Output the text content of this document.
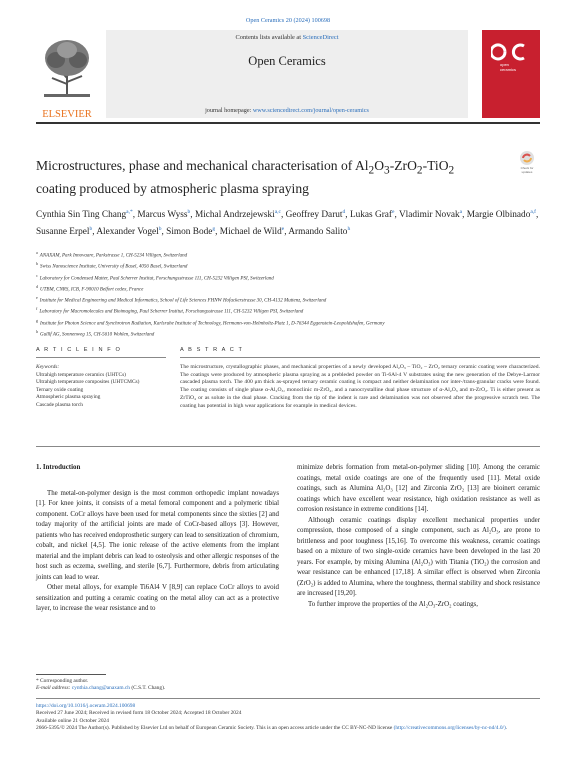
Open Ceramics 20 (2024) 100698
ELSEVIER
Contents lists available at ScienceDirect
Open Ceramics
journal homepage: www.sciencedirect.com/journal/open-ceramics
open
ceramics
Microstructures, phase and mechanical characterisation of $Al_2O_3-ZrO_2-TiO_2$ coating produced by atmospheric plasma spraying
Check for
updates
Cynthia Sin Ting Chang$^{a,*}$, Marcus Wyss$^b$, Michal Andrzejewski$^{a,c}$, Geoffrey Darut$^d$, Lukas Graf$^e$, Vladimir Novak$^a$, Margie Olbinado$^{a,f}$, Susanne Erpel$^b$, Alexander Vogel$^b$, Simon Bode$^g$, Michael de Wild$^e$, Armando Salito$^h$
$^a$ANAXAM, Park Innovaare, Parkstrasse 1, CH-5234 Villigen, Switzerland
$^b$Swiss Nanoscience Institute, University of Basel, 4056 Basel, Switzerland
$^c$Laboratory for Condensed Matter, Paul Scherrer Institut, Forschungsstrasse 111, CH-5232 Villigen PSI, Switzerland
$^d$UTBM, CNRS, ICB, F-90010 Belfort cedex, France
$^e$Institute for Medical Engineering and Medical Informatics, School of Life Sciences FHNW Hofackerstrasse 30, CH-4132 Muttenz, Switzerland
$^f$Laboratory for Macromolecules and Bioimaging, Paul Scherrer Institut, Forschungsstrasse 111, CH-5232 Villigen PSI, Switzerland
$^g$Institute for Photon Science and Synchrotron Radiation, Karlsruhe Institute of Technology, Hermann-von-Helmholtz-Platz 1, D-76344 Eggenstein-Leopoldshafen, Germany
$^h$Gulllf AG, Sonnenweg 15, CH-5610 Wohlen, Switzerland
A R T I C L E I N F O	A B S T R A C T
Keywords:
Ultrahigh temperature ceramics (UHTCs)
Ultrahigh temperature composites (UHTCMCs)
Ternary oxide coating
Atmospheric plasma spraying
Cascade plasma torch
The microstructure, crystallographic phases, and mechanical properties of a newly developed Al₂O₃ – TiO₂ – ZrO₂ ternary ceramic coating were characterized. The coatings were produced by atmospheric plasma spraying as a prebleded powder on Ti-6Al-4 V substrates using the new generation of the Debye-Larmor cascaded plasma torch. The 400 μm thick as-sprayed ternary ceramic coating is compact and neither delamination nor inter-/trans-granular cracks were found. The coating consists of single phase α-Al₂O₃, monoclinic m-ZrO₂, and a nanocrystalline dual phase structure of α-Al₂O₃ and m-ZrO₂. Ti is either present as ZrTiO₄ or as solute in the dual phase. Cracking from the tip of the indent is rare and delamination was not observed after the progressive scratch test. The coating has potential in high wear applications for example in medical devices.
1. Introduction

The metal-on-polymer design is the most common orthopedic implant nowadays [1]. For knee joints, it consists of a metal femoral component and a polymeric tibial component. CoCr alloys have been used for metal components since the sixties [2] and today majority of the artificial joints are made of CoCr-based alloys [3]. However, patients who has received endoprosthetic surgery can lead to sensitization of chromium, cobalt, and nickel [4,5]. The ionic release of the active elements from the implant material and the implant debris can lead to osteolysis and other allergic responses of the host such as eczema, swelling, and sterile [6,7]. Furthermore, debris from articulating joints can lead to wear.

Other metal alloys, for example Ti6Al4 V [8,9] can replace CoCr alloys to avoid sensitization and putting a ceramic coating on the metal alloy can act as a protective layer, to increase the wear resistance and to

minimize debris formation from metal-on-polymer sliding [10]. Among the ceramic coatings, metal oxide coatings are one of the frequently used [11]. Metal oxide coatings, such as Alumina Al₂O₃ [12] and Zirconia ZrO₂ [13] are bioinert ceramic coatings which have excellent wear resistance, high oxidation resistance as well as corrosion resistance in extreme conditions [14].

Although ceramic coatings display excellent mechanical properties under compression, those composed of a single component, such as Al₂O₃, are prone to brittleness and poor toughness [15,16]. To overcome this weakness, ceramic coatings based on a mixture of two single-oxide ceramics have been developed in the last 20 years. For example, by mixing Alumina (Al₂O₃) with Titania (TiO₂) the corrosion and wear resistance can be enhanced [17,18]. A similar effect is observed when Zirconia (ZrO₂) is added to Alumina, where the toughness, thermal stability and shock resistance are increased [19,20].

To further improve the properties of the Al₂O₃-ZrO₂ coatings,

* Corresponding author.
E-mail address: cynthia.chang@anaxam.ch (C.S.T. Chang).
https://doi.org/10.1016/j.oceram.2024.100698
Received 27 June 2024; Received in revised form 18 October 2024; Accepted 18 October 2024
Available online 21 October 2024
2666-5395/© 2024 The Author(s). Published by Elsevier Ltd on behalf of European Ceramic Society. This is an open access article under the CC BY-NC-ND license (http://creativecommons.org/licenses/by-nc-nd/4.0/).
